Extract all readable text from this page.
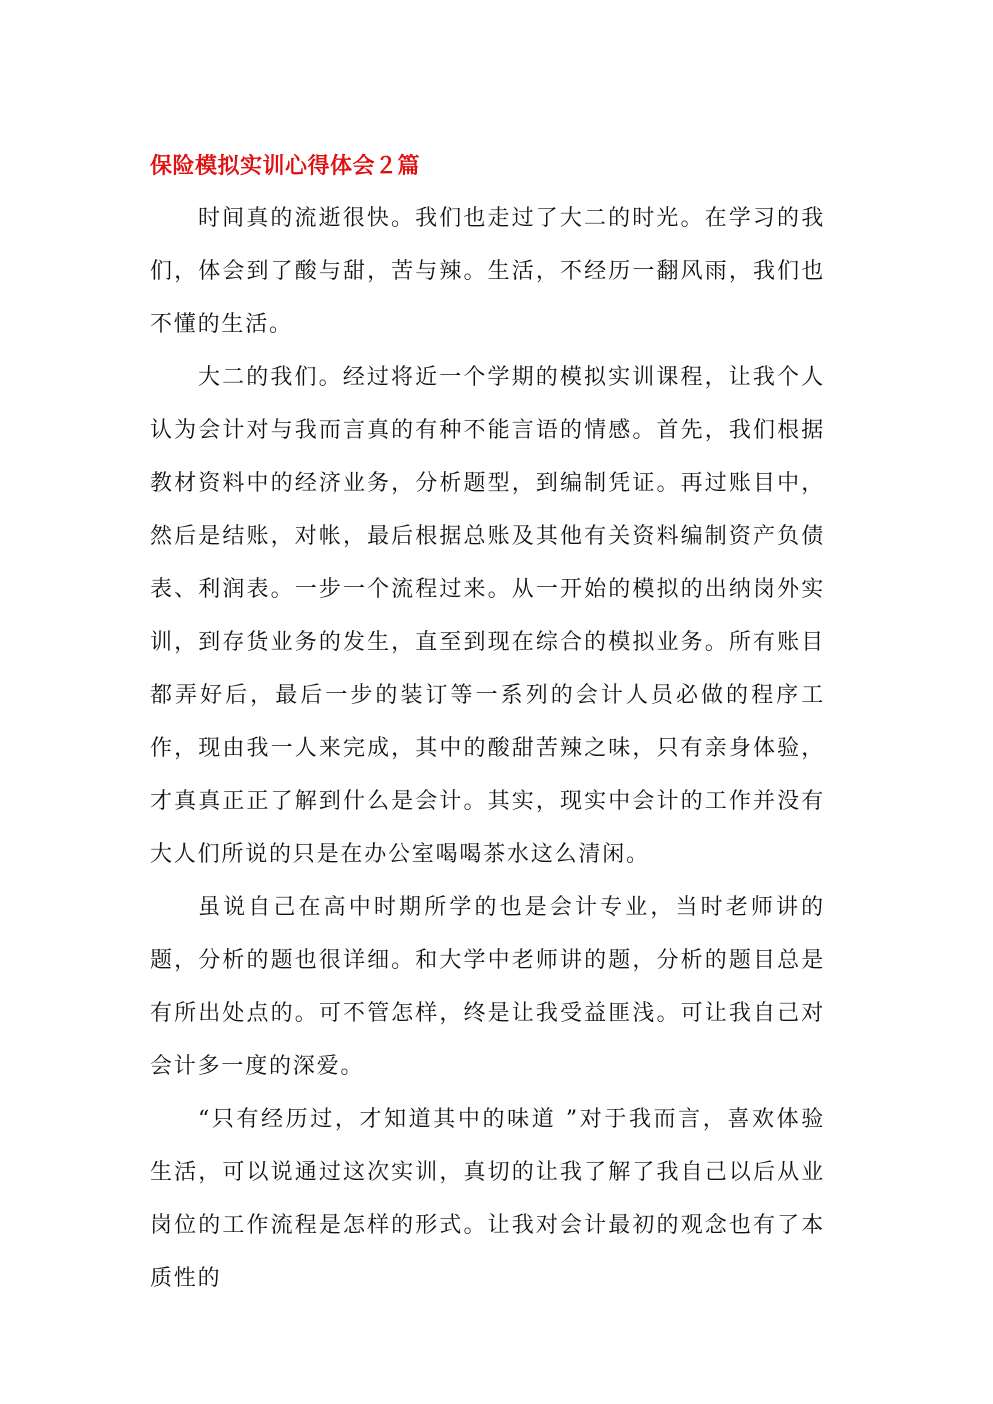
保险模拟实训心得体会２篇

时间真的流逝很快。我们也走过了大二的时光。在学习的我们，体会到了酸与甜，苦与辣。生活，不经历一翻风雨，我们也不懂的生活。

大二的我们。经过将近一个学期的模拟实训课程，让我个人认为会计对与我而言真的有种不能言语的情感。首先，我们根据教材资料中的经济业务，分析题型，到编制凭证。再过账目中，然后是结账，对帐，最后根据总账及其他有关资料编制资产负债表、利润表。一步一个流程过来。从一开始的模拟的出纳岗外实训，到存货业务的发生，直至到现在综合的模拟业务。所有账目都弄好后，最后一步的装订等一系列的会计人员必做的程序工作，现由我一人来完成，其中的酸甜苦辣之味，只有亲身体验，才真真正正了解到什么是会计。其实，现实中会计的工作并没有大人们所说的只是在办公室喝喝茶水这么清闲。

虽说自己在高中时期所学的也是会计专业，当时老师讲的题，分析的题也很详细。和大学中老师讲的题，分析的题目总是有所出处点的。可不管怎样，终是让我受益匪浅。可让我自己对会计多一度的深爱。

“只有经历过，才知道其中的味道 ”对于我而言，喜欢体验生活，可以说通过这次实训，真切的让我了解了我自己以后从业岗位的工作流程是怎样的形式。让我对会计最初的观念也有了本质性的
